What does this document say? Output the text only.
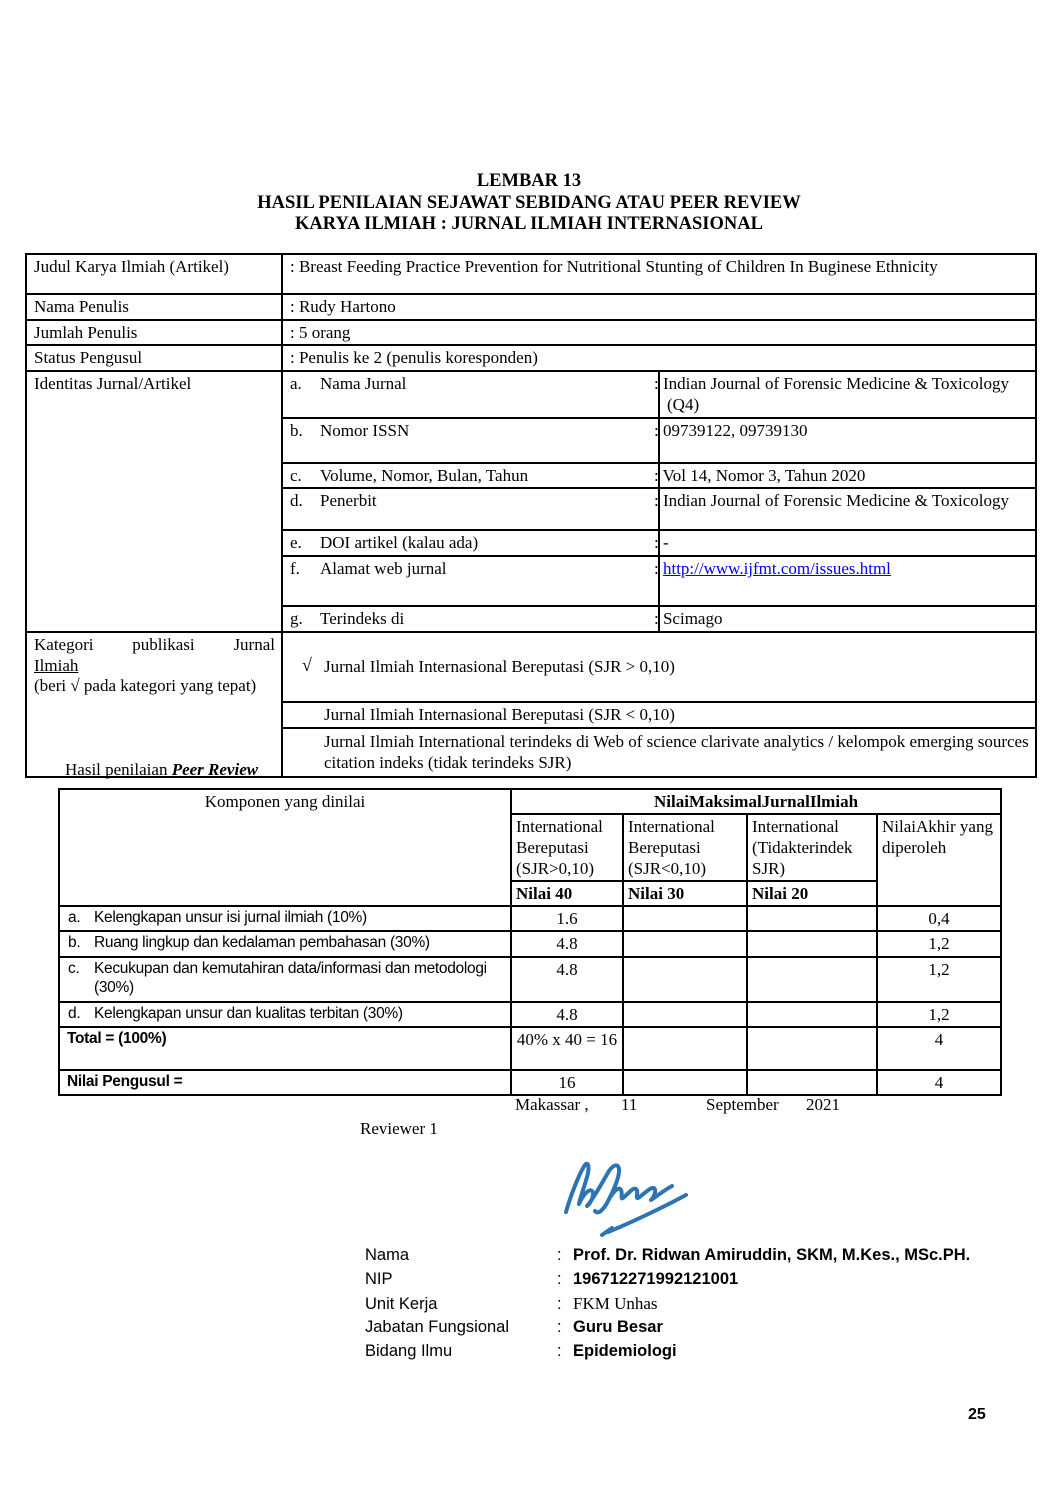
LEMBAR 13
HASIL PENILAIAN SEJAWAT SEBIDANG ATAU PEER REVIEW
KARYA ILMIAH : JURNAL ILMIAH INTERNASIONAL
Judul Karya Ilmiah (Artikel)	: Breast Feeding Practice Prevention for Nutritional Stunting of Children In Buginese Ethnicity	
Nama Penulis	: Rudy Hartono	
Jumlah Penulis	: 5 orang	
Status Pengusul	: Penulis ke 2 (penulis koresponden)	
Identitas Jurnal/Artikel	a. Nama Jurnal	: Indian Journal of Forensic Medicine & Toxicology (Q4)
	b. Nomor ISSN	: 09739122, 09739130
	c. Volume, Nomor, Bulan, Tahun	: Vol 14, Nomor 3, Tahun 2020
	d. Penerbit	: Indian Journal of Forensic Medicine & Toxicology
	e. DOI artikel (kalau ada)	: -
	f. Alamat web jurnal	: http://www.ijfmt.com/issues.html
	g. Terindeks di	: Scimago

Kategori publikasi Jurnal
Ilmiah
(beri √ pada kategori yang tepat)	√ Jurnal Ilmiah Internasional Bereputasi (SJR > 0,10)	

Jurnal Ilmiah Internasional Bereputasi (SJR < 0,10)	

Jurnal Ilmiah International terindeks di Web of science clarivate analytics / kelompok emerging sources citation indeks (tidak terindeks SJR)	
Hasil penilaian Peer Review
Komponen yang dinilai	NilaiMaksimalJurnalIlmiah			
	International Bereputasi (SJR>0,10)	International Bereputasi (SJR<0,10)	International (Tidakterindek SJR)	NilaiAkhir yang diperoleh
	Nilai 40	Nilai 30	Nilai 20	

a. Kelengkapan unsur isi jurnal ilmiah (10%)	1.6			0,4

b. Ruang lingkup dan kedalaman pembahasan (30%)	4.8			1,2

c. Kecukupan dan kemutahiran data/informasi dan metodologi (30%)	4.8			1,2

d. Kelengkapan unsur dan kualitas terbitan (30%)	4.8			1,2
Total = (100%)	40% x 40 = 16			4
Nilai Pengusul =	16			4
Makassar , 11	September 2021
Reviewer 1
Nama	: Prof. Dr. Ridwan Amiruddin, SKM, M.Kes., MSc.PH.
NIP	: 196712271992121001
Unit Kerja	: FKM Unhas
Jabatan Fungsional	: Guru Besar
Bidang Ilmu	: Epidemiologi
25
